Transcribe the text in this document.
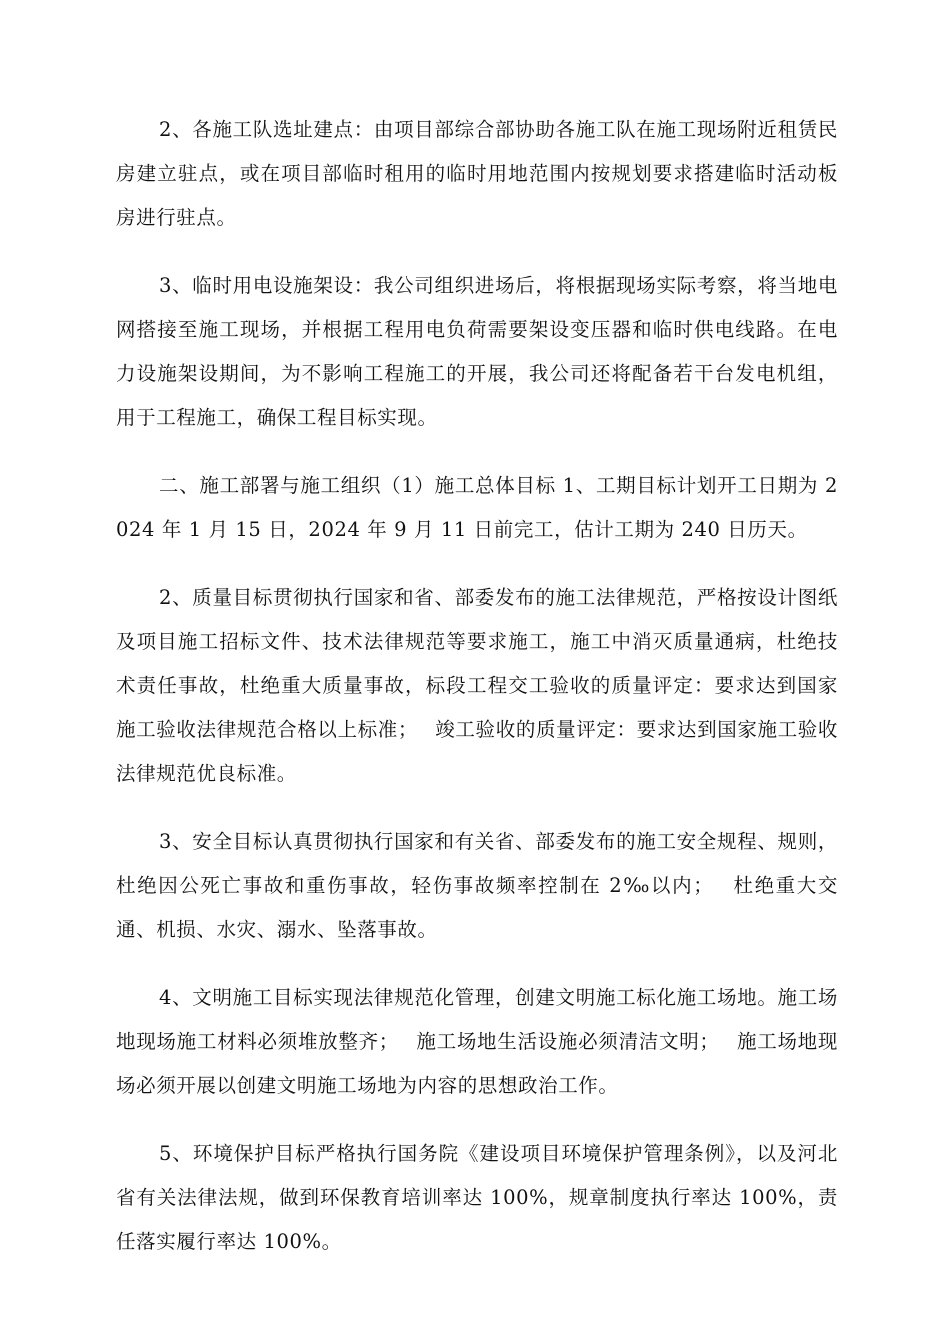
2、各施工队选址建点：由项目部综合部协助各施工队在施工现场附近租赁民房建立驻点，或在项目部临时租用的临时用地范围内按规划要求搭建临时活动板房进行驻点。

3、临时用电设施架设：我公司组织进场后，将根据现场实际考察，将当地电网搭接至施工现场，并根据工程用电负荷需要架设变压器和临时供电线路。在电力设施架设期间，为不影响工程施工的开展，我公司还将配备若干台发电机组，用于工程施工，确保工程目标实现。

二、施工部署与施工组织（1）施工总体目标 1、工期目标计划开工日期为 2024 年 1 月 15 日，2024 年 9 月 11 日前完工，估计工期为 240 日历天。

2、质量目标贯彻执行国家和省、部委发布的施工法律规范，严格按设计图纸及项目施工招标文件、技术法律规范等要求施工，施工中消灭质量通病，杜绝技术责任事故，杜绝重大质量事故，标段工程交工验收的质量评定：要求达到国家施工验收法律规范合格以上标准；　 竣工验收的质量评定：要求达到国家施工验收法律规范优良标准。

3、安全目标认真贯彻执行国家和有关省、部委发布的施工安全规程、规则，杜绝因公死亡事故和重伤事故，轻伤事故频率控制在 2‰以内；　 杜绝重大交通、机损、水灾、溺水、坠落事故。

4、文明施工目标实现法律规范化管理，创建文明施工标化施工场地。施工场地现场施工材料必须堆放整齐；　 施工场地生活设施必须清洁文明；　 施工场地现场必须开展以创建文明施工场地为内容的思想政治工作。

5、环境保护目标严格执行国务院《建设项目环境保护管理条例》，以及河北省有关法律法规，做到环保教育培训率达 100%，规章制度执行率达 100%，责任落实履行率达 100%。
